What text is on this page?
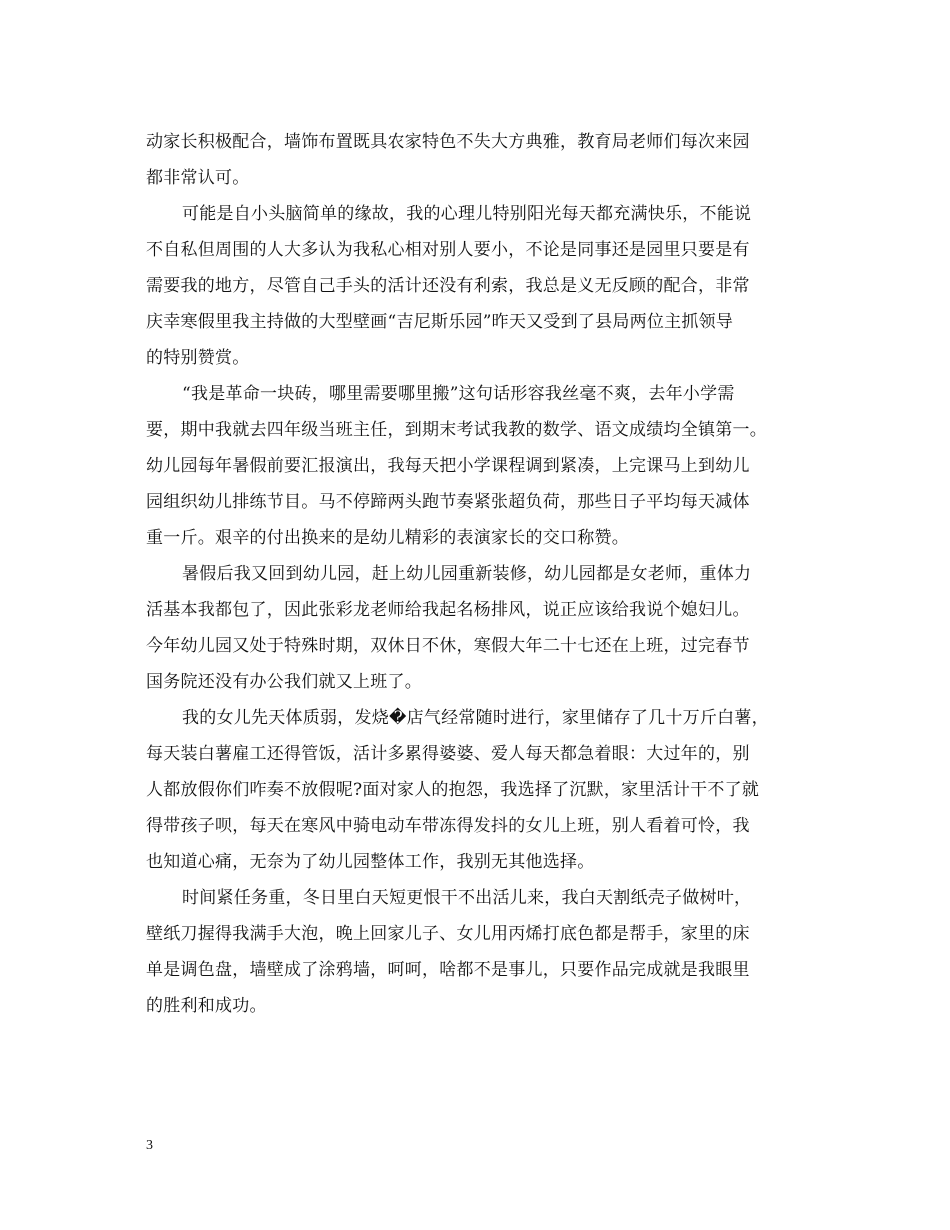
动家长积极配合，墙饰布置既具农家特色不失大方典雅，教育局老师们每次来园
都非常认可。
可能是自小头脑简单的缘故，我的心理儿特别阳光每天都充满快乐，不能说
不自私但周围的人大多认为我私心相对别人要小，不论是同事还是园里只要是有
需要我的地方，尽管自己手头的活计还没有利索，我总是义无反顾的配合，非常
庆幸寒假里我主持做的大型壁画“吉尼斯乐园”昨天又受到了县局两位主抓领导
的特别赞赏。
“我是革命一块砖，哪里需要哪里搬”这句话形容我丝毫不爽，去年小学需
要，期中我就去四年级当班主任，到期末考试我教的数学、语文成绩均全镇第一。
幼儿园每年暑假前要汇报演出，我每天把小学课程调到紧凑，上完课马上到幼儿
园组织幼儿排练节目。马不停蹄两头跑节奏紧张超负荷，那些日子平均每天减体
重一斤。艰辛的付出换来的是幼儿精彩的表演家长的交口称赞。
暑假后我又回到幼儿园，赶上幼儿园重新装修，幼儿园都是女老师，重体力
活基本我都包了，因此张彩龙老师给我起名杨排风，说正应该给我说个媳妇儿。
今年幼儿园又处于特殊时期，双休日不休，寒假大年二十七还在上班，过完春节
国务院还没有办公我们就又上班了。
我的女儿先天体质弱，发烧�店气经常随时进行，家里储存了几十万斤白薯，
每天装白薯雇工还得管饭，活计多累得婆婆、爱人每天都急着眼：大过年的，别
人都放假你们咋奏不放假呢?面对家人的抱怨，我选择了沉默，家里活计干不了就
得带孩子呗，每天在寒风中骑电动车带冻得发抖的女儿上班，别人看着可怜，我
也知道心痛，无奈为了幼儿园整体工作，我别无其他选择。
时间紧任务重，冬日里白天短更恨干不出活儿来，我白天割纸壳子做树叶，
壁纸刀握得我满手大泡，晚上回家儿子、女儿用丙烯打底色都是帮手，家里的床
单是调色盘，墙壁成了涂鸦墙，呵呵，啥都不是事儿，只要作品完成就是我眼里
的胜利和成功。
3
